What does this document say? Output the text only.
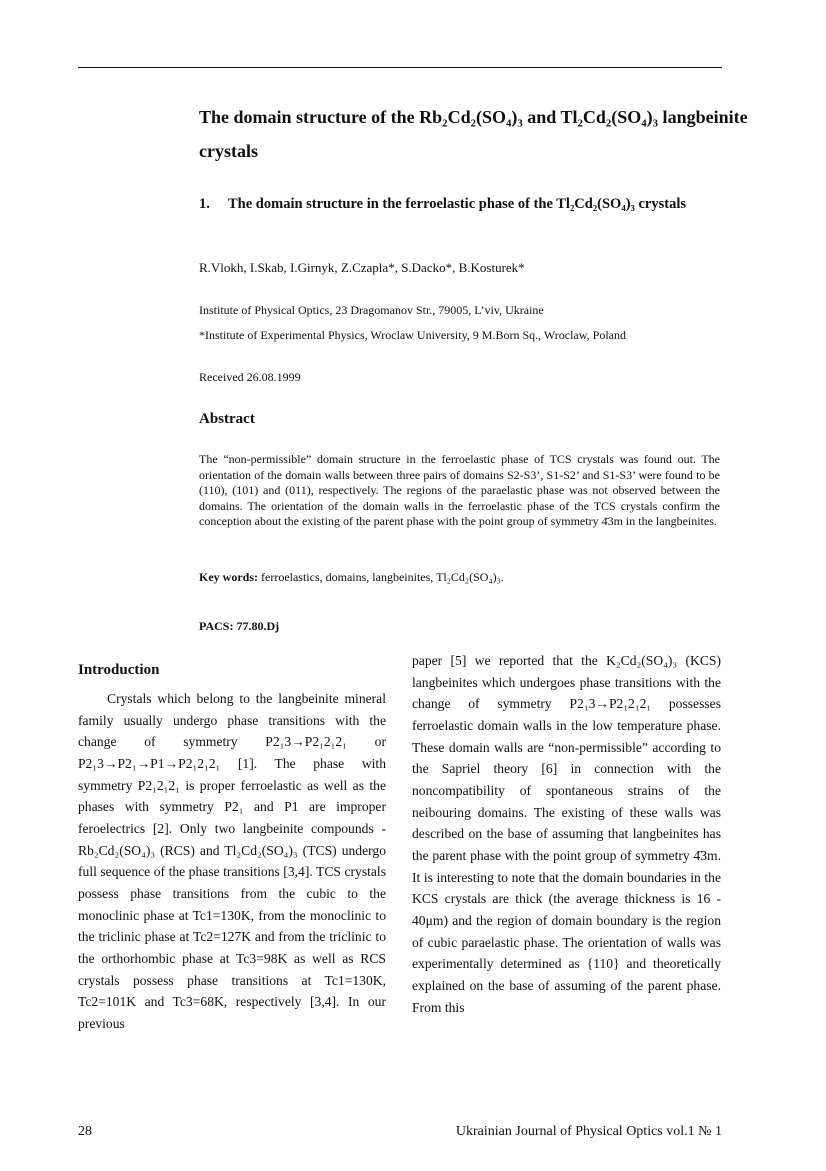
The domain structure of the Rb₂Cd₂(SO₄)₃ and Tl₂Cd₂(SO₄)₃ langbeinite crystals
1. The domain structure in the ferroelastic phase of the Tl₂Cd₂(SO₄)₃ crystals
R.Vlokh, I.Skab, I.Girnyk, Z.Czapla*, S.Dacko*, B.Kosturek*
Institute of Physical Optics, 23 Dragomanov Str., 79005, L’viv, Ukraine
*Institute of Experimental Physics, Wroclaw University, 9 M.Born Sq., Wroclaw, Poland
Received 26.08.1999
Abstract
The “non-permissible” domain structure in the ferroelastic phase of TCS crystals was found out. The orientation of the domain walls between three pairs of domains S2-S3’, S1-S2’ and S1-S3’ were found to be (110), (101) and (011), respectively. The regions of the paraelastic phase was not observed between the domains. The orientation of the domain walls in the ferroelastic phase of the TCS crystals confirm the conception about the existing of the parent phase with the point group of symmetry 4̄3m in the langbeinites.
Key words: ferroelastics, domains, langbeinites, Tl₂Cd₂(SO₄)₃.
PACS: 77.80.Dj
Introduction
Crystals which belong to the langbeinite mineral family usually undergo phase transitions with the change of symmetry P2₁3→P2₁2₁2₁ or P2₁3→P2₁→P1→P2₁2₁2₁ [1]. The phase with symmetry P2₁2₁2₁ is proper ferroelastic as well as the phases with symmetry P2₁ and P1 are improper feroelectrics [2]. Only two langbeinite compounds -Rb₂Cd₂(SO₄)₃ (RCS) and Tl₂Cd₂(SO₄)₃ (TCS) undergo full sequence of the phase transitions [3,4]. TCS crystals possess phase transitions from the cubic to the monoclinic phase at Tc1=130K, from the monoclinic to the triclinic phase at Tc2=127K and from the triclinic to the orthorhombic phase at Tc3=98K as well as RCS crystals possess phase transitions at Tc1=130K, Tc2=101K and Tc3=68K, respectively [3,4]. In our previous
paper [5] we reported that the K₂Cd₂(SO₄)₃ (KCS) langbeinites which undergoes phase transitions with the change of symmetry P2₁3→P2₁2₁2₁ possesses ferroelastic domain walls in the low temperature phase. These domain walls are “non-permissible” according to the Sapriel theory [6] in connection with the noncompatibility of spontaneous strains of the neibouring domains. The existing of these walls was described on the base of assuming that langbeinites has the parent phase with the point group of symmetry 4̄3m. It is interesting to note that the domain boundaries in the KCS crystals are thick (the average thickness is 16 - 40μm) and the region of domain boundary is the region of cubic paraelastic phase. The orientation of walls was experimentally determined as {110} and theoretically explained on the base of assuming of the parent phase. From this
28	Ukrainian Journal of Physical Optics vol.1 № 1
